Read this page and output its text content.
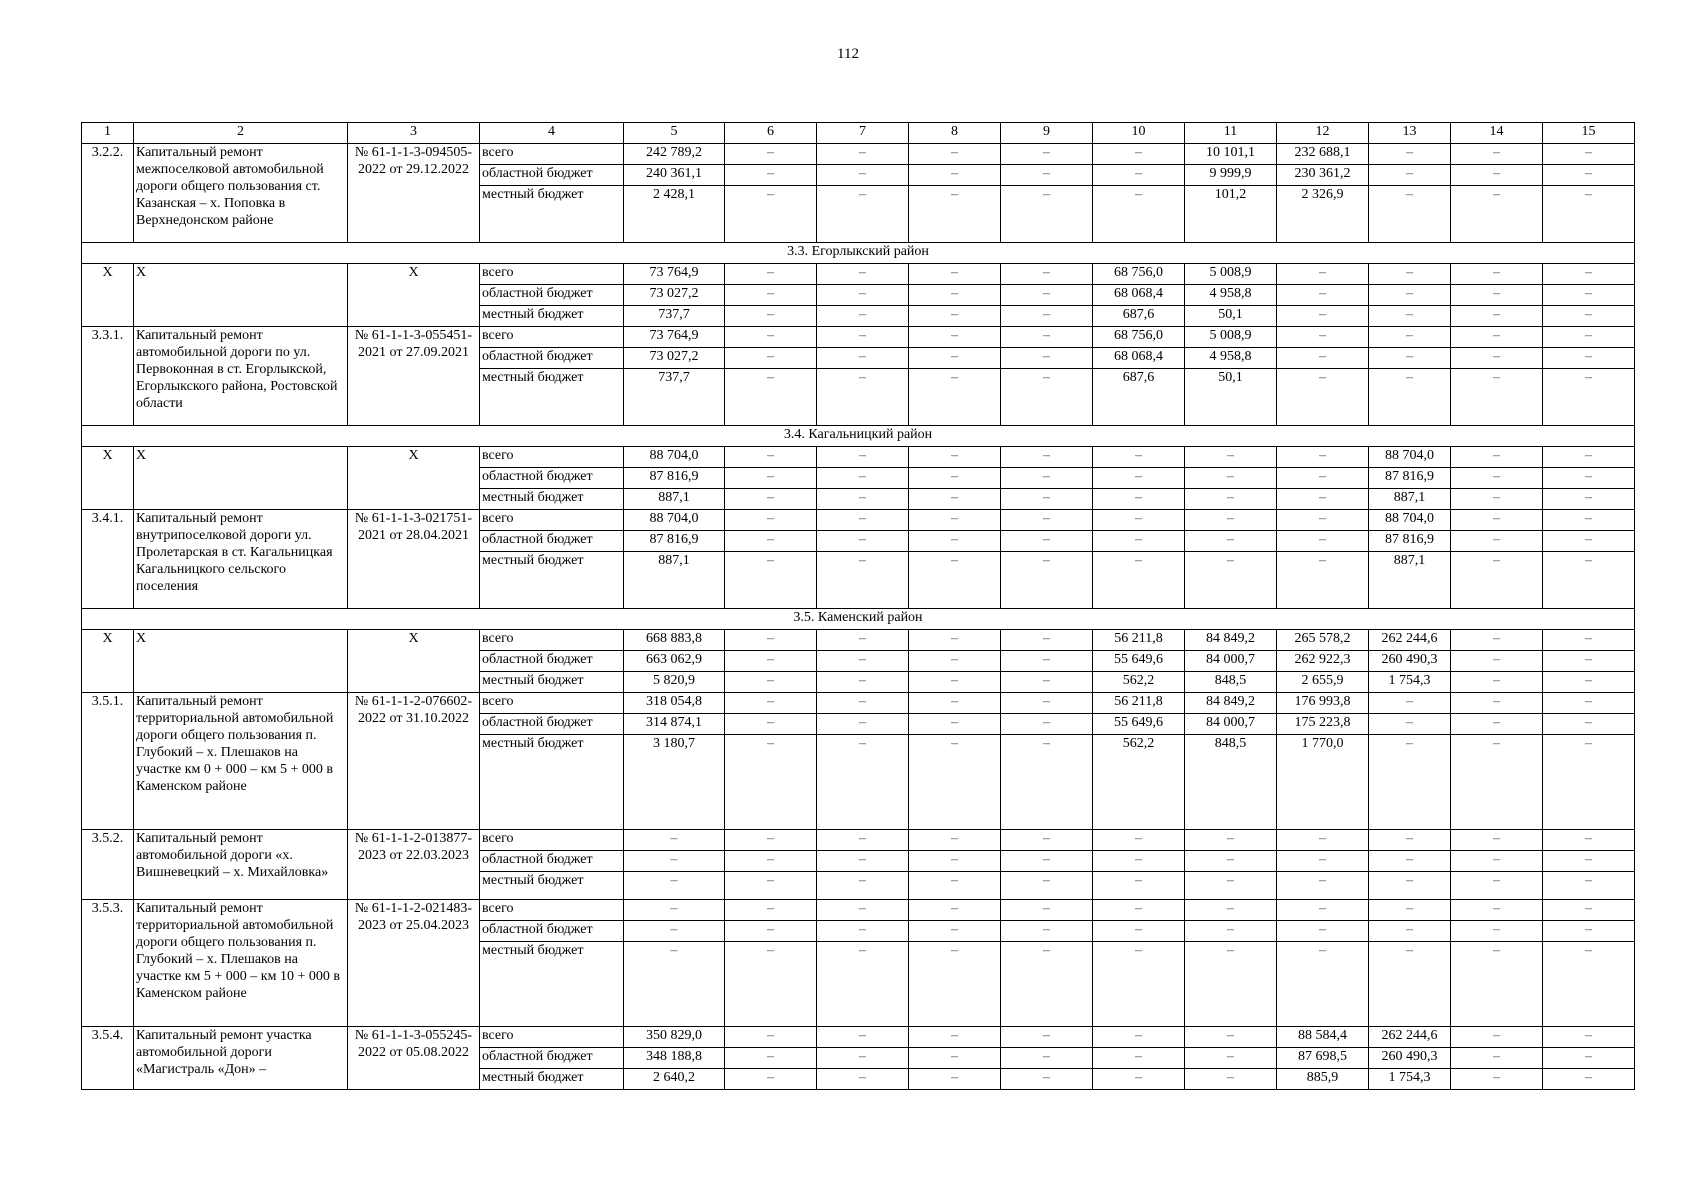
112
1	2	3	4	5	6	7	8	9	10	11	12	13	14	15
3.2.2.	Капитальный ремонт межпоселковой автомобильной дороги общего пользования ст. Казанская – х. Поповка в Верхнедонском районе	№ 61-1-1-3-094505-2022 от 29.12.2022	всего	242 789,2	–	–	–	–	–	10 101,1	232 688,1	–	–	–
			областной бюджет	240 361,1	–	–	–	–	–	9 999,9	230 361,2	–	–	–
			местный бюджет	2 428,1	–	–	–	–	–	101,2	2 326,9	–	–	–
3.3. Егорлыкский район														
Х	Х	Х	всего	73 764,9	–	–	–	–	68 756,0	5 008,9	–	–	–	–
			областной бюджет	73 027,2	–	–	–	–	68 068,4	4 958,8	–	–	–	–
			местный бюджет	737,7	–	–	–	–	687,6	50,1	–	–	–	–
3.3.1.	Капитальный ремонт автомобильной дороги по ул. Первоконная в ст. Егорлыкской, Егорлыкского района, Ростовской области	№ 61-1-1-3-055451-2021 от 27.09.2021	всего	73 764,9	–	–	–	–	68 756,0	5 008,9	–	–	–	–
			областной бюджет	73 027,2	–	–	–	–	68 068,4	4 958,8	–	–	–	–
			местный бюджет	737,7	–	–	–	–	687,6	50,1	–	–	–	–
3.4. Кагальницкий район														
Х	Х	Х	всего	88 704,0	–	–	–	–	–	–	–	88 704,0	–	–
			областной бюджет	87 816,9	–	–	–	–	–	–	–	87 816,9	–	–
			местный бюджет	887,1	–	–	–	–	–	–	–	887,1	–	–
3.4.1.	Капитальный ремонт внутрипоселковой дороги ул. Пролетарская в ст. Кагальницкая Кагальницкого сельского поселения	№ 61-1-1-3-021751-2021 от 28.04.2021	всего	88 704,0	–	–	–	–	–	–	–	88 704,0	–	–
			областной бюджет	87 816,9	–	–	–	–	–	–	–	87 816,9	–	–
			местный бюджет	887,1	–	–	–	–	–	–	–	887,1	–	–
3.5. Каменский район														
Х	Х	Х	всего	668 883,8	–	–	–	–	56 211,8	84 849,2	265 578,2	262 244,6	–	–
			областной бюджет	663 062,9	–	–	–	–	55 649,6	84 000,7	262 922,3	260 490,3	–	–
			местный бюджет	5 820,9	–	–	–	–	562,2	848,5	2 655,9	1 754,3	–	–
3.5.1.	Капитальный ремонт территориальной автомобильной дороги общего пользования п. Глубокий – х. Плешаков на участке км 0 + 000 – км 5 + 000 в Каменском районе	№ 61-1-1-2-076602-2022 от 31.10.2022	всего	318 054,8	–	–	–	–	56 211,8	84 849,2	176 993,8	–	–	–
			областной бюджет	314 874,1	–	–	–	–	55 649,6	84 000,7	175 223,8	–	–	–
			местный бюджет	3 180,7	–	–	–	–	562,2	848,5	1 770,0	–	–	–
3.5.2.	Капитальный ремонт автомобильной дороги «х. Вишневецкий – х. Михайловка»	№ 61-1-1-2-013877-2023 от 22.03.2023	всего	–	–	–	–	–	–	–	–	–	–	–
			областной бюджет	–	–	–	–	–	–	–	–	–	–	–
			местный бюджет	–	–	–	–	–	–	–	–	–	–	–
3.5.3.	Капитальный ремонт территориальной автомобильной дороги общего пользования п. Глубокий – х. Плешаков на участке км 5 + 000 – км 10 + 000 в Каменском районе	№ 61-1-1-2-021483-2023 от 25.04.2023	всего	–	–	–	–	–	–	–	–	–	–	–
			областной бюджет	–	–	–	–	–	–	–	–	–	–	–
			местный бюджет	–	–	–	–	–	–	–	–	–	–	–
3.5.4.	Капитальный ремонт участка автомобильной дороги «Магистраль «Дон» –	№ 61-1-1-3-055245-2022 от 05.08.2022	всего	350 829,0	–	–	–	–	–	–	88 584,4	262 244,6	–	–
			областной бюджет	348 188,8	–	–	–	–	–	–	87 698,5	260 490,3	–	–
			местный бюджет	2 640,2	–	–	–	–	–	–	885,9	1 754,3	–	–
